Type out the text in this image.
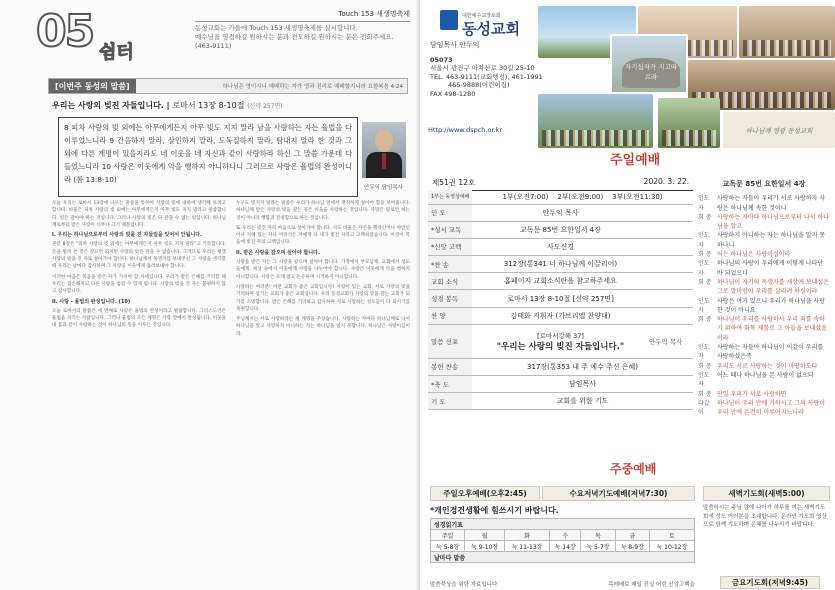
05 쉼터
Touch 153 새생명축제
동성교회는 가을에 Touch 153 새생명축제를 실시합니다.
예수님을 영접하길 원하시는 분과 전도하길 원하시는 분은 전화주세요. (463-9111)
[이번주 동성의 말씀]	하나님은 영이시니 예배하는 자가 영과 진리로 예배할지니라 요한복음 4:24
우리는 사랑의 빚진 자들입니다. | 로마서 13장 8-10절 (신약 257면)
8 피차 사랑의 빚 외에는 아무에게든지 아무 빚도 지지 말라 남을 사랑하는 자는 율법을 다 이루었느니라 9 간음하지 말라, 살인하지 말라, 도둑질하지 말라, 탐내지 말라 한 것과 그 외에 다른 계명이 있을지라도 네 이웃을 네 자신과 같이 사랑하라 하신 그 말씀 가운데 다 들었느니라 10 사랑은 이웃에게 악을 행하지 아니하나니 그러므로 사랑은 율법의 완성이니라 (롬 13:8-10)
안두익 담임목사

오늘 우리는 로마서 13장에 나오는 말씀을 통하여 사랑의 빚에 대하여 생각해 보려고 합니다. 바울은 피차 사랑의 빚 외에는 아무에게든지 아무 빚도 지지 말라고 말씀합니다. 빚은 갚아야 하는 것입니다. 그러나 사랑의 빚은 다 갚을 수 없는 빚입니다. 하나님께로부터 받은 사랑이 너무나 크기 때문입니다.

I. 우리는 하나님으로부터 사랑의 빚을 진 자들임을 잊어서 안됩니다.

본문 8절은 "피차 사랑의 빚 외에는 아무에게든지 아무 빚도 지지 말라"고 기록합니다. 돈을 빌려 쓴 것은 갚으면 되지만 사랑의 빚은 갚을 수 없습니다. 그러므로 우리는 평생 사랑의 빚을 진 자로 살아가야 합니다. 하나님께서 독생자를 보내주신 그 사랑을 생각할 때 우리는 날마다 감사하며 그 사랑을 이웃에게 흘려보내야 합니다.

이러한 마음은 복음을 받은 자가 가져야 할 자세입니다. 우리가 받은 은혜를 기억할 때 우리는 겸손해지고 다른 사람을 섬길 수 있게 됩니다. 사랑의 빚을 진 자는 불평하지 않고 감사합니다.

II. 사랑 - 율법의 완성입니다. (10)

오늘 로마서의 말씀은 세 번째로 사랑은 율법의 완성이라고 말씀합니다. 그리스도인은 율법을 지키는 사람입니다. 그러나 율법의 모든 계명은 사랑 안에서 완성됩니다. 이웃을 내 몸과 같이 사랑하는 것이 하나님의 뜻을 이루는 것입니다.

누구도 빚지지 말라는 말씀은 우리가 하나님 앞에서 정직하게 살아야 함을 보여줍니다. 하나님께 받은 사랑의 빚을 갚는 길은 이웃을 사랑하는 것입니다. 사랑은 말로만 하는 것이 아니라 행함과 진실함으로 하는 것입니다.

또 우리는 빚진 자의 마음으로 살아가야 합니다. 사도 바울은 자신을 헬라인이나 야만인이나 지혜 있는 자나 어리석은 자에게 다 내가 빚진 자라고 고백하였습니다. 이것이 복음에 빚진 자의 고백입니다.

II. 받은 사랑을 갚으며 살아야 합니다.

사랑을 받은 자는 그 사랑을 갚으며 살아야 합니다. 가정에서 부모님께, 교회에서 성도들에게, 세상 속에서 이웃에게 사랑을 나누어야 합니다. 사랑은 이웃에게 악을 행하지 아니합니다. 사랑은 오래 참고 온유하며 시기하지 아니합니다.

사랑하는 여러분! 어떤 교회가 좋은 교회입니까? 사랑이 있는 교회, 서로 사랑의 빚을 기억하며 섬기는 교회가 좋은 교회입니다. 우리 동성교회가 사랑의 빚을 갚는 교회가 되기를 소망합니다. 받은 은혜를 기억하고 감사하며 서로 사랑하는 성도들이 다 되시기를 축원합니다.

주님께서는 서로 사랑하라는 새 계명을 주셨습니다. 사랑하는 자마다 하나님께로 나서 하나님을 알고 사랑하지 아니하는 자는 하나님을 알지 못합니다. 하나님은 사랑이심이라.

대한예수교장로회
동성교회
담임목사 안두익
05073
서울시 광진구 아차산로 30길 25-10
TEL. 463-9111(교회행정), 461-1991
465-9888(어린이집)
FAX 498-1280
Http://www.dspch.or.kr	하나님께 영광 동성교회
자기십자가 지고따르라
주일예배
제51권 12호	2020. 3. 22.
1부는 동영상예배	1부(오전7:00) 2부(오전9:00) 3부(오전11:30)	
인 도	안두익 목사	
*성시 교독	교독문 85번 요한일서 4장	
*신앙 고백	사도신경	
*찬 송	312장(통341 너 하나님께 이끌리어)	
교회 소식	홈페이지 교회소식란을 참고하주세요	
성경 봉독	로마서 13장 8-10절 [신약 257면]	
찬 양	김태화 지휘자 (가브리엘 찬양대)	
말씀 선포	[로마서강해 37]
"우리는 사랑의 빚진 자들입니다."	안두익 목사
봉헌 찬송	317장(통353 내 주 예수 주신 은혜)	
*축 도	담임목사	
기 도	교회를 위한 기도	
교독문 85번 요한일서 4장
인도자
사랑하는 자들아 우리가 서로 사랑하자 사랑은 하나님께 속한 것이니
회 중 사랑하는 자마다 하나님으로부터 나서 하나님을 알고
인도자
사랑하지 아니하는 자는 하나님을 알지 못하나니
회 중 이는 하나님은 사랑이심이라
인도자
하나님의 사랑이 우리에게 이렇게 나타난 바 되었으니
회 중 하나님이 자기의 독생자를 세상에 보내심은 그로 말미암아 우리를 살리려 하심이라
인도자
사랑은 여기 있으니 우리가 하나님을 사랑한 것이 아니요
회 중 하나님이 우리를 사랑하사 우리 죄를 속하기 위하여 화목 제물로 그 아들을 보내셨음이라
인도자
사랑하는 자들아 하나님이 이같이 우리를 사랑하셨은즉
회 중 우리도 서로 사랑하는 것이 마땅하도다
인도자
어느 때나 하나님을 본 사람이 없으되
회 중 만일 우리가 서로 사랑하면
다같이
하나님이 우리 안에 거하시고 그의 사랑이 우리 안에 온전히 이루어지느니라
주중예배
주일오후예배(오후2:45)	수요저녁기도예배(저녁7:30)	새벽기도회(새벽5:00)
*개인경건생활에 힘쓰시기 바랍니다.
성경읽기표						
주일	월	화	수	목	금	토
눅 5-8장	눅 9-10장	눅 11-13장	눅 14장	눅 5-7장	눅 8-9장	눅 10-12장
날마다 말씀						
말씀묵상을 위한 자료입니다	목레배로 매일 진실 어린 신앙고백을
말씀하시는 주님 앞에 나아가 하루를 여는 새벽기도회에 성도 여러분을 초대합니다. 온라인 기도회 영상으로 함께 기도하며 은혜를 나누시기 바랍니다.
금요기도회(저녁9:45)
